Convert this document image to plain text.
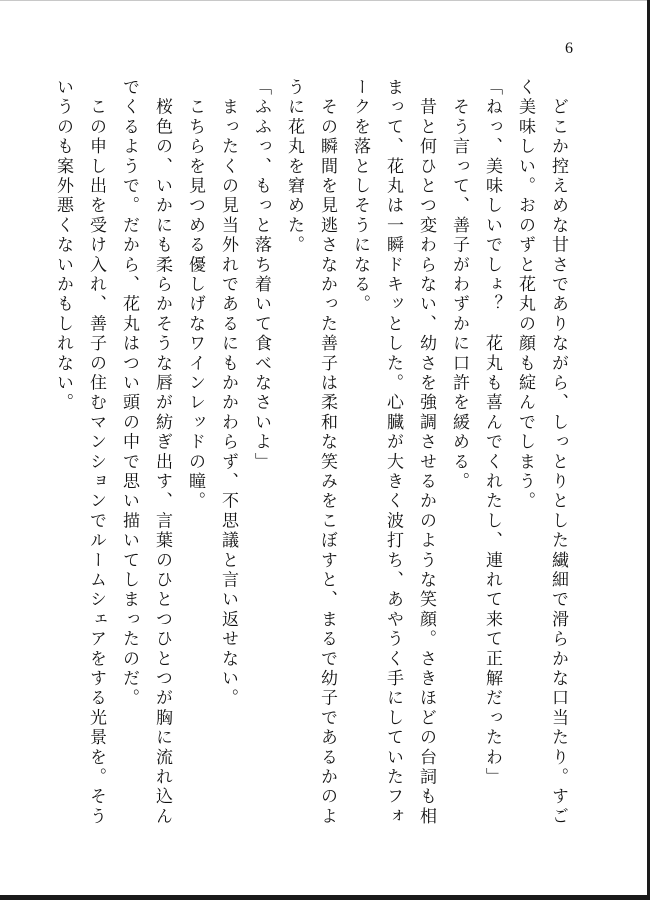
6

　どこか控えめな甘さでありながら、しっとりとした繊細で滑らかな口当たり。すご

く美味しい。おのずと花丸の顔も綻んでしまう。

「ねっ、美味しいでしょ？　花丸も喜んでくれたし、連れて来て正解だったわ」

　そう言って、善子がわずかに口許を緩める。

　昔と何ひとつ変わらない、幼さを強調させるかのような笑顔。さきほどの台詞も相

まって、花丸は一瞬ドキッとした。心臓が大きく波打ち、あやうく手にしていたフォ

ークを落としそうになる。

　その瞬間を見逃さなかった善子は柔和な笑みをこぼすと、まるで幼子であるかのよ

うに花丸を窘めた。

「ふふっ、もっと落ち着いて食べなさいよ」

　まったくの見当外れであるにもかかわらず、不思議と言い返せない。

　こちらを見つめる優しげなワインレッドの瞳。

　桜色の、いかにも柔らかそうな唇が紡ぎ出す、言葉のひとつひとつが胸に流れ込ん

でくるようで。だから、花丸はつい頭の中で思い描いてしまったのだ。

　この申し出を受け入れ、善子の住むマンションでルームシェアをする光景を。そう

いうのも案外悪くないかもしれない。
